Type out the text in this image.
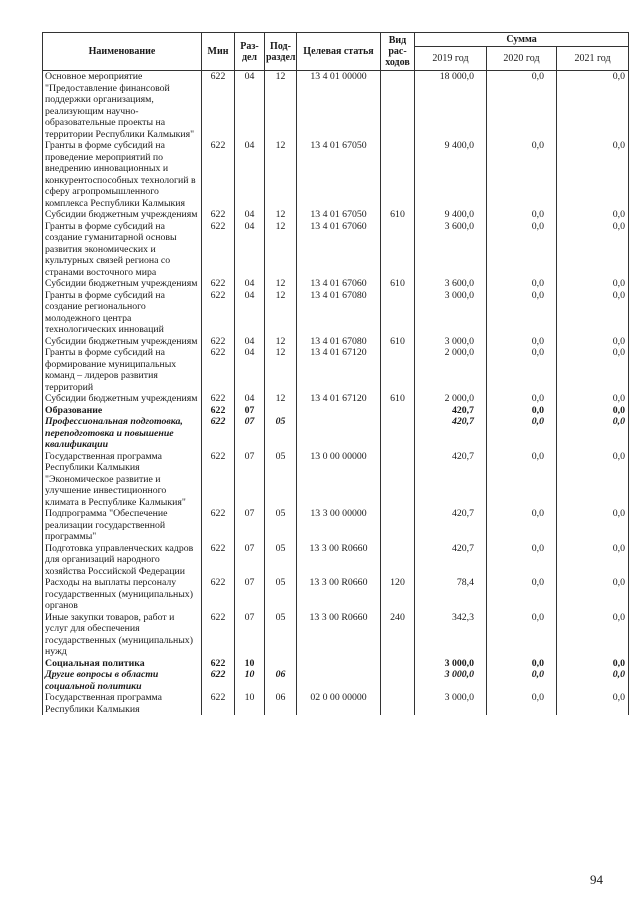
Наименование	Мин	Раз-дел	Под-раздел	Целевая статья	Вид рас-ходов	Сумма		
						2019 год	2020 год	2021 год
Основное мероприятие "Предоставление финансовой поддержки организациям, реализующим научно-образовательные проекты на территории Республики Калмыкия"	622	04	12	13 4 01 00000		18 000,0	0,0	0,0
Гранты в форме субсидий на проведение мероприятий по внедрению инновационных и конкурентоспособных технологий в сферу агропромышленного комплекса Республики Калмыкия	622	04	12	13 4 01 67050		9 400,0	0,0	0,0
Субсидии бюджетным учреждениям	622	04	12	13 4 01 67050	610	9 400,0	0,0	0,0
Гранты в форме субсидий на создание гуманитарной основы развития экономических и культурных связей региона со странами восточного мира	622	04	12	13 4 01 67060		3 600,0	0,0	0,0
Субсидии бюджетным учреждениям	622	04	12	13 4 01 67060	610	3 600,0	0,0	0,0
Гранты в форме субсидий на создание регионального молодежного центра технологических инноваций	622	04	12	13 4 01 67080		3 000,0	0,0	0,0
Субсидии бюджетным учреждениям	622	04	12	13 4 01 67080	610	3 000,0	0,0	0,0
Гранты в форме субсидий на формирование муниципальных команд – лидеров развития территорий	622	04	12	13 4 01 67120		2 000,0	0,0	0,0
Субсидии бюджетным учреждениям	622	04	12	13 4 01 67120	610	2 000,0	0,0	0,0
Образование	622	07				420,7	0,0	0,0
Профессиональная подготовка, переподготовка и повышение квалификации	622	07	05			420,7	0,0	0,0
Государственная программа Республики Калмыкия "Экономическое развитие и улучшение инвестиционного климата в Республике Калмыкия"	622	07	05	13 0 00 00000		420,7	0,0	0,0
Подпрограмма "Обеспечение реализации государственной программы"	622	07	05	13 3 00 00000		420,7	0,0	0,0
Подготовка управленческих кадров для организаций народного хозяйства Российской Федерации	622	07	05	13 3 00 R0660		420,7	0,0	0,0
Расходы на выплаты персоналу государственных (муниципальных) органов	622	07	05	13 3 00 R0660	120	78,4	0,0	0,0
Иные закупки товаров, работ и услуг для обеспечения государственных (муниципальных) нужд	622	07	05	13 3 00 R0660	240	342,3	0,0	0,0
Социальная политика	622	10				3 000,0	0,0	0,0
Другие вопросы в области социальной политики	622	10	06			3 000,0	0,0	0,0
Государственная программа Республики Калмыкия	622	10	06	02 0 00 00000		3 000,0	0,0	0,0
94
